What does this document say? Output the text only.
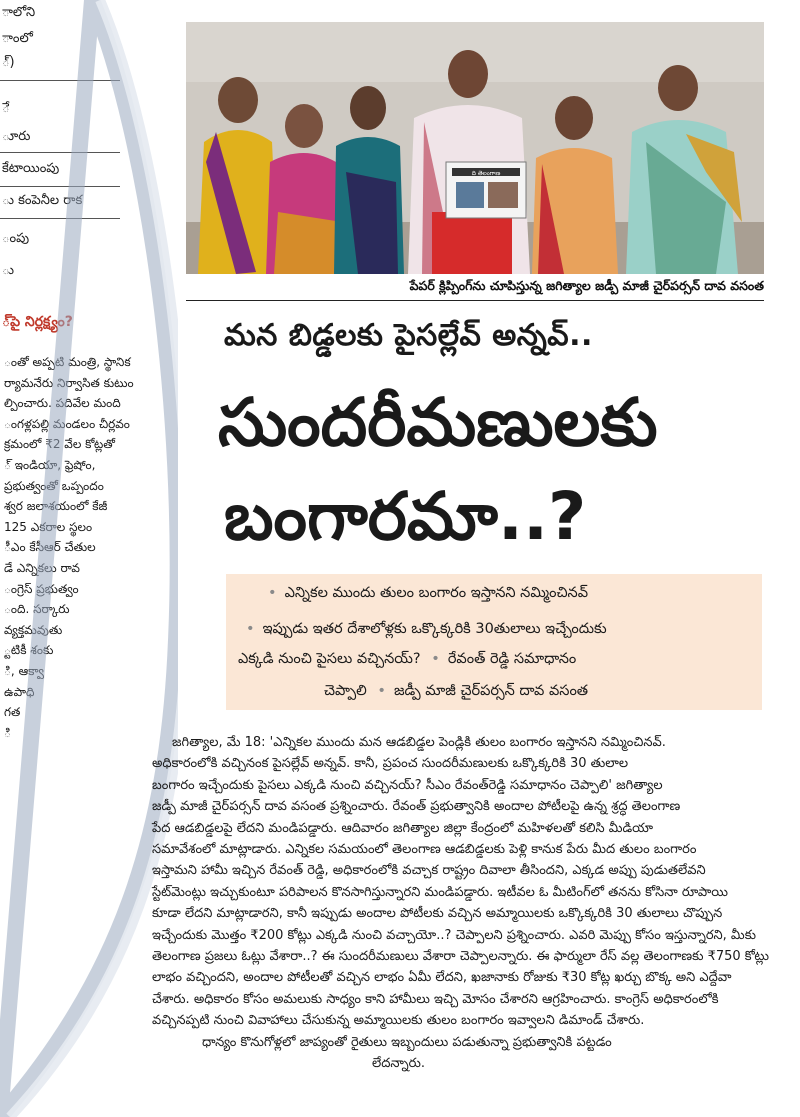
ాలోని
ాంలో
్)
ే
ూరు
కేటాయింపు
ు కంపెనీల రాక
ంపు
ు
్‌పై నిర్లక్ష్యం?
ంతో అప్పటి మంత్రి, స్థానిక
ర్యామనేరు నిర్వాసిత కుటుం
ల్పించారు. పదివేల మంది
ంగళ్లపల్లి మండలం చీర్లవం
క్రమంలో ₹2 వేల కోట్లతో
్ ఇండియా, ఫ్రెషోం,
ప్రభుత్వంతో ఒప్పందం
శ్వర జలాశయంలో కేజీ
125 ఎకరాల స్థలం
ీఎం కేసీఆర్ చేతుల
డే ఎన్నికలు రావ
ంగ్రెస్ ప్రభుత్వం
ంది. సర్కారు
వ్యక్తమవుతు
్టటికీ శంకు
ి, ఆక్వా
ఉపాధి
గత
ి
ది తెలంగాణ
పేపర్ క్లిప్పింగ్‌ను చూపిస్తున్న జగిత్యాల జడ్పీ మాజీ చైర్‌పర్సన్ దావ వసంత
మన బిడ్డలకు పైసల్లేవ్ అన్నవ్..
సుందరీమణులకు
బంగారమా..?
• ఎన్నికల ముందు తులం బంగారం ఇస్తానని నమ్మించినవ్
• ఇప్పుడు ఇతర దేశాలోళ్లకు ఒక్కొక్కరికి 30తులాలు ఇచ్చేందుకు
ఎక్కడి నుంచి పైసలు వచ్చినయ్? • రేవంత్ రెడ్డి సమాధానం
చెప్పాలి • జడ్పీ మాజీ చైర్‌పర్సన్ దావ వసంత
జగిత్యాల, మే 18: 'ఎన్నికల ముందు మన ఆడబిడ్డల పెండ్లికి తులం బంగారం ఇస్తానని నమ్మించినవ్.
అధికారంలోకి వచ్చినంక పైసల్లేవ్ అన్నవ్. కానీ, ప్రపంచ సుందరీమణులకు ఒక్కొక్కరికి 30 తులాల
బంగారం ఇచ్చేందుకు పైసలు ఎక్కడి నుంచి వచ్చినయ్? సీఎం రేవంత్‌రెడ్డి సమాధానం చెప్పాలి' జగిత్యాల
జడ్పీ మాజీ చైర్‌పర్సన్ దావ వసంత ప్రశ్నించారు. రేవంత్ ప్రభుత్వానికి అందాల పోటీలపై ఉన్న శ్రద్ధ తెలంగాణ
పేద ఆడబిడ్డలపై లేదని మండిపడ్డారు. ఆదివారం జగిత్యాల జిల్లా కేంద్రంలో మహిళలతో కలిసి మీడియా
సమావేశంలో మాట్లాడారు. ఎన్నికల సమయంలో తెలంగాణ ఆడబిడ్డలకు పెళ్లి కానుక పేరు మీద తులం బంగారం
ఇస్తామని హామీ ఇచ్చిన రేవంత్ రెడ్డి, అధికారంలోకి వచ్చాక రాష్ట్రం దివాలా తీసిందని, ఎక్కడ అప్పు పుడుతలేవని
స్టేట్‌మెంట్లు ఇచ్చుకుంటూ పరిపాలన కొనసాగిస్తున్నారని మండిపడ్డారు. ఇటీవల ఓ మీటింగ్‌లో తనను కోసినా రూపాయి
కూడా లేదని మాట్లాడారని, కానీ ఇప్పుడు అందాల పోటీలకు వచ్చిన అమ్మాయిలకు ఒక్కొక్కరికి 30 తులాలు చొప్పున
ఇచ్చేందుకు మొత్తం ₹200 కోట్లు ఎక్కడి నుంచి వచ్చాయో..? చెప్పాలని ప్రశ్నించారు. ఎవరి మెప్పు కోసం ఇస్తున్నారని, మీకు
తెలంగాణ ప్రజలు ఓట్లు వేశారా..? ఈ సుందరీమణులు వేశారా చెప్పాలన్నారు. ఈ ఫార్ములా రేస్ వల్ల తెలంగాణకు ₹750 కోట్లు
లాభం వచ్చిందని, అందాల పోటీలతో వచ్చిన లాభం ఏమీ లేదని, ఖజానాకు రోజుకు ₹30 కోట్ల ఖర్చు బొక్క అని ఎద్దేవా
చేశారు. అధికారం కోసం అమలుకు సాధ్యం కాని హామీలు ఇచ్చి మోసం చేశారని ఆగ్రహించారు. కాంగ్రెస్ అధికారంలోకి
వచ్చినప్పటి నుంచి వివాహాలు చేసుకున్న అమ్మాయిలకు తులం బంగారం ఇవ్వాలని డిమాండ్ చేశారు.
ధాన్యం కొనుగోళ్లలో జాప్యంతో రైతులు ఇబ్బందులు పడుతున్నా ప్రభుత్వానికి పట్టడం
లేదన్నారు.
